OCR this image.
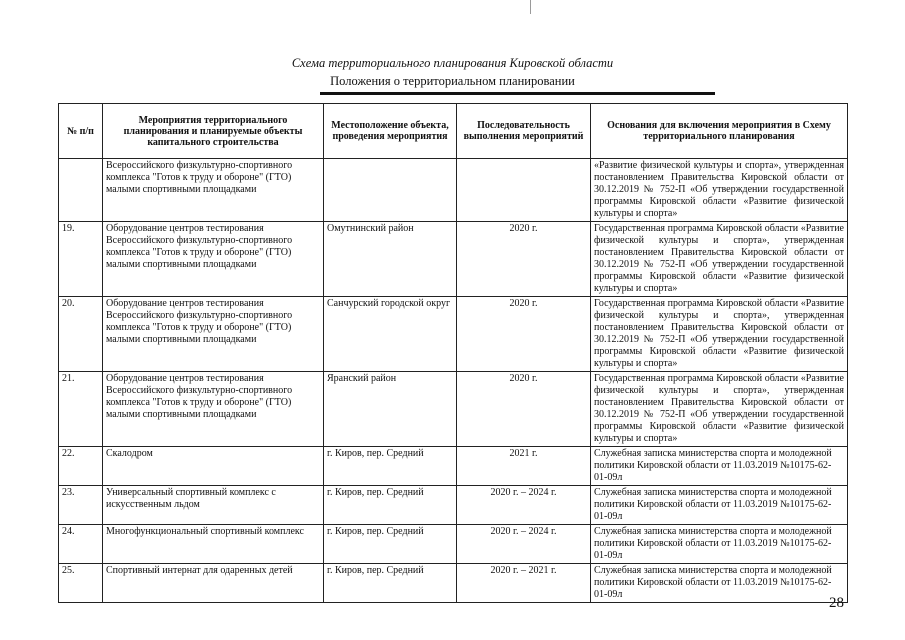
Схема территориального планирования Кировской области
Положения о территориальном планировании
№ п/п	Мероприятия территориального планирования и планируемые объекты капитального строительства	Местоположение объекта, проведения мероприятия	Последовательность выполнения мероприятий	Основания для включения мероприятия в Схему территориального планирования
	Всероссийского физкультурно-спортивного комплекса "Готов к труду и обороне" (ГТО) малыми спортивными площадками			«Развитие физической культуры и спорта», утвержденная постановлением Правительства Кировской области от 30.12.2019 № 752-П «Об утверждении государственной программы Кировской области «Развитие физической культуры и спорта»
19.	Оборудование центров тестирования Всероссийского физкультурно-спортивного комплекса "Готов к труду и обороне" (ГТО) малыми спортивными площадками	Омутнинский район	2020 г.	Государственная программа Кировской области «Развитие физической культуры и спорта», утвержденная постановлением Правительства Кировской области от 30.12.2019 № 752-П «Об утверждении государственной программы Кировской области «Развитие физической культуры и спорта»
20.	Оборудование центров тестирования Всероссийского физкультурно-спортивного комплекса "Готов к труду и обороне" (ГТО) малыми спортивными площадками	Санчурский городской округ	2020 г.	Государственная программа Кировской области «Развитие физической культуры и спорта», утвержденная постановлением Правительства Кировской области от 30.12.2019 № 752-П «Об утверждении государственной программы Кировской области «Развитие физической культуры и спорта»
21.	Оборудование центров тестирования Всероссийского физкультурно-спортивного комплекса "Готов к труду и обороне" (ГТО) малыми спортивными площадками	Яранский район	2020 г.	Государственная программа Кировской области «Развитие физической культуры и спорта», утвержденная постановлением Правительства Кировской области от 30.12.2019 № 752-П «Об утверждении государственной программы Кировской области «Развитие физической культуры и спорта»
22.	Скалодром	г. Киров, пер. Средний	2021 г.	Служебная записка министерства спорта и молодежной политики Кировской области от 11.03.2019 №10175-62-01-09л
23.	Универсальный спортивный комплекс с искусственным льдом	г. Киров, пер. Средний	2020 г. – 2024 г.	Служебная записка министерства спорта и молодежной политики Кировской области от 11.03.2019 №10175-62-01-09л
24.	Многофункциональный спортивный комплекс	г. Киров, пер. Средний	2020 г. – 2024 г.	Служебная записка министерства спорта и молодежной политики Кировской области от 11.03.2019 №10175-62-01-09л
25.	Спортивный интернат для одаренных детей	г. Киров, пер. Средний	2020 г. – 2021 г.	Служебная записка министерства спорта и молодежной политики Кировской области от 11.03.2019 №10175-62-01-09л
28
